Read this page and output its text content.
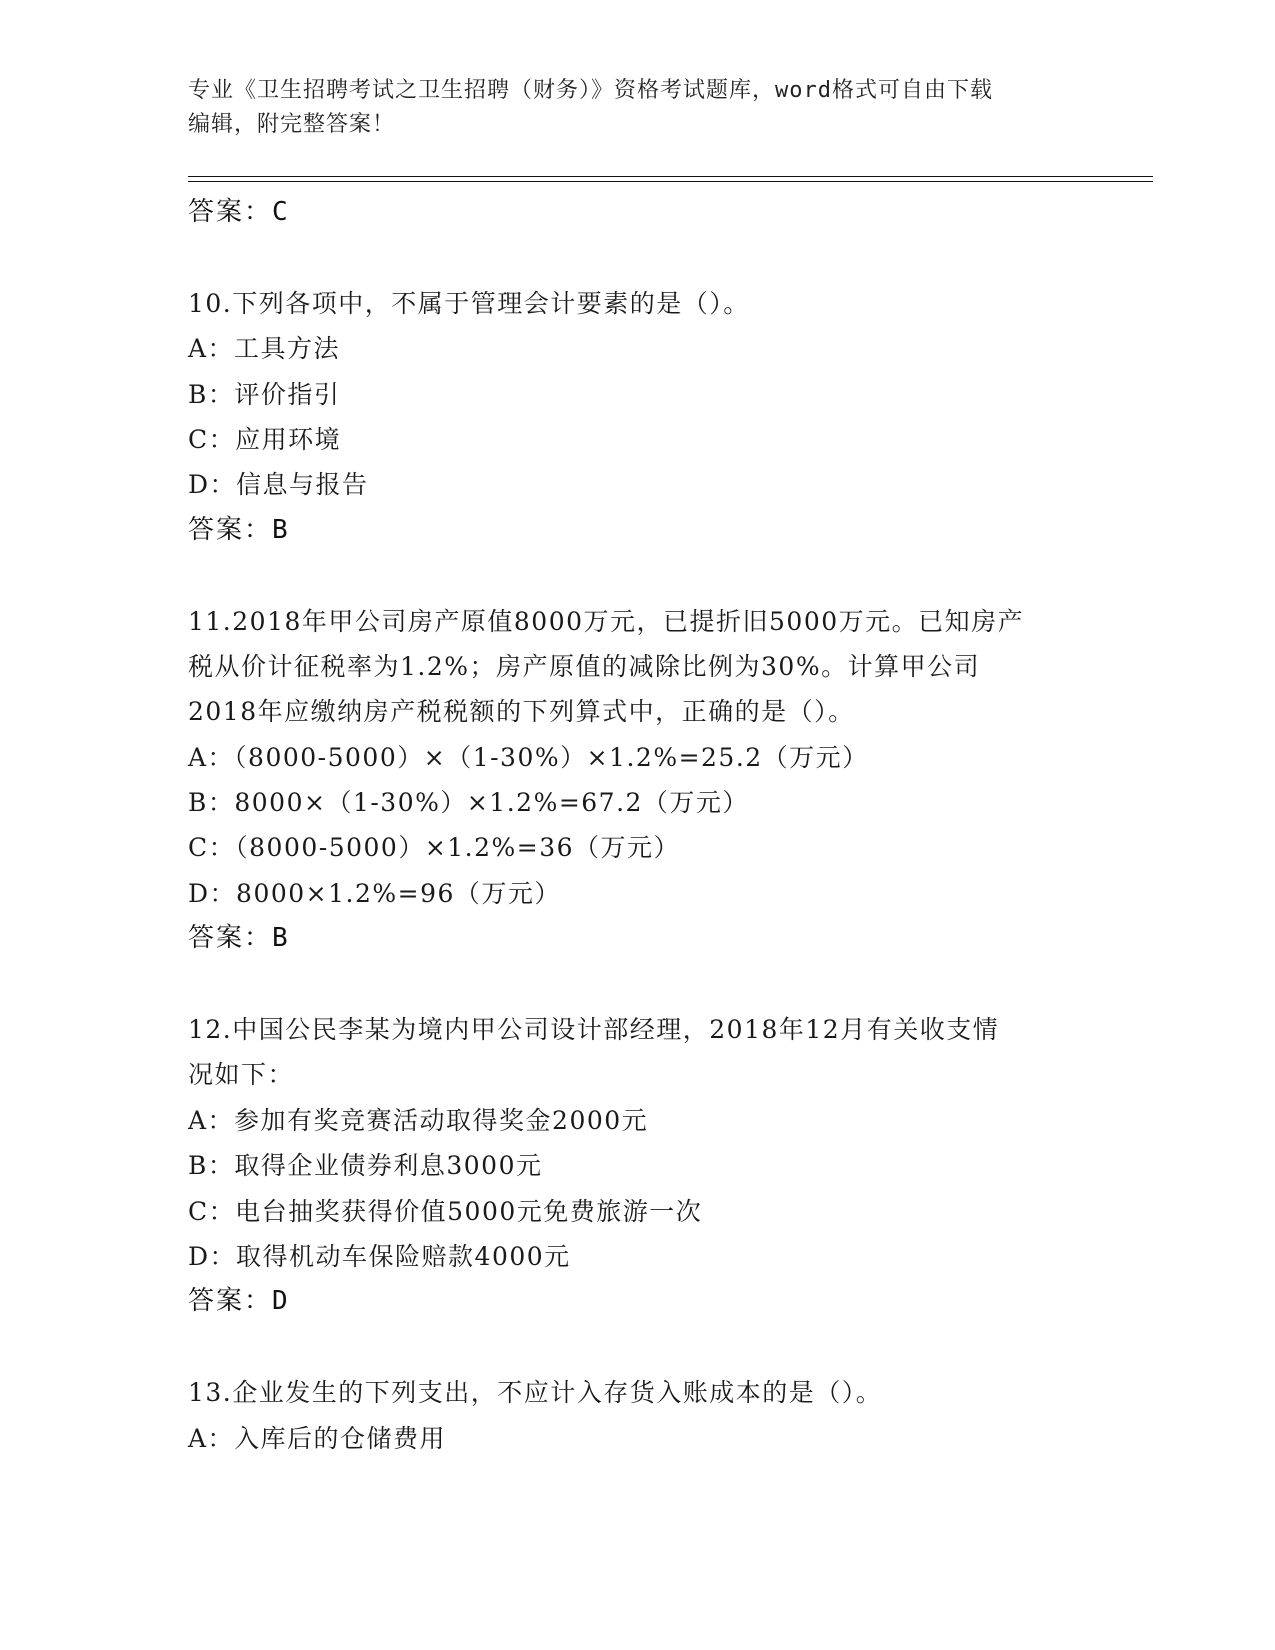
专业《卫生招聘考试之卫生招聘（财务）》资格考试题库，word格式可自由下载

编辑，附完整答案！

答案：C
10.下列各项中，不属于管理会计要素的是（）。
A：工具方法
B：评价指引
C：应用环境
D：信息与报告
答案：B
11.2018年甲公司房产原值8000万元，已提折旧5000万元。已知房产
税从价计征税率为1.2%；房产原值的减除比例为30%。计算甲公司
2018年应缴纳房产税税额的下列算式中，正确的是（）。
A：（8000-5000）×（1-30%）×1.2%=25.2（万元）
B：8000×（1-30%）×1.2%=67.2（万元）
C：（8000-5000）×1.2%=36（万元）
D：8000×1.2%=96（万元）
答案：B
12.中国公民李某为境内甲公司设计部经理，2018年12月有关收支情
况如下：
A：参加有奖竞赛活动取得奖金2000元
B：取得企业债券利息3000元
C：电台抽奖获得价值5000元免费旅游一次
D：取得机动车保险赔款4000元
答案：D
13.企业发生的下列支出，不应计入存货入账成本的是（）。
A：入库后的仓储费用
